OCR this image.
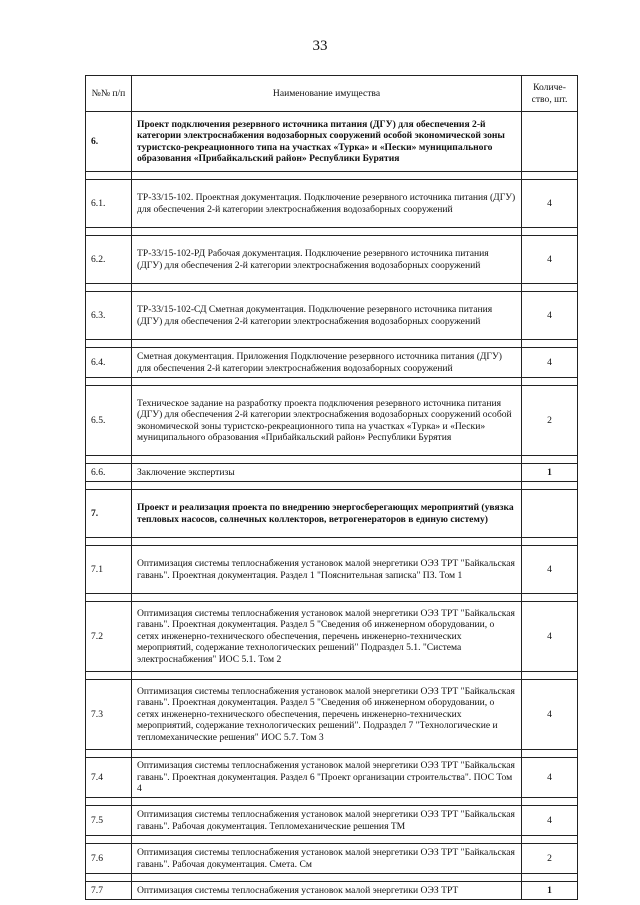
33
№№ п/п	Наименование имущества	Количе- ство, шт.
6.	Проект подключения резервного источника питания (ДГУ) для обеспечения 2-й категории электроснабжения водозаборных сооружений особой экономической зоны туристско-рекреационного типа на участках «Турка» и «Пески» муниципального образования «Прибайкальский район» Республики Бурятия	

6.1.	ТР-33/15-102. Проектная документация. Подключение резервного источника питания (ДГУ) для обеспечения 2-й категории электроснабжения водозаборных сооружений	4

6.2.	ТР-33/15-102-РД Рабочая документация. Подключение резервного источника питания (ДГУ) для обеспечения 2-й категории электроснабжения водозаборных сооружений	4

6.3.	ТР-33/15-102-СД Сметная документация. Подключение резервного источника питания (ДГУ) для обеспечения 2-й категории электроснабжения водозаборных сооружений	4

6.4.	Сметная документация. Приложения Подключение резервного источника питания (ДГУ) для обеспечения 2-й категории электроснабжения водозаборных сооружений	4

6.5.	Техническое задание на разработку проекта подключения резервного источника питания (ДГУ) для обеспечения 2-й категории электроснабжения водозаборных сооружений особой экономической зоны туристско-рекреационного типа на участках «Турка» и «Пески» муниципального образования «Прибайкальский район» Республики Бурятия	2

6.6.	Заключение экспертизы	1

7.	Проект и реализация проекта по внедрению энергосберегающих мероприятий (увязка тепловых насосов, солнечных коллекторов, ветрогенераторов в единую систему)	

7.1	Оптимизация системы теплоснабжения установок малой энергетики ОЭЗ ТРТ "Байкальская гавань". Проектная документация. Раздел 1 "Пояснительная записка" ПЗ. Том 1	4

7.2	Оптимизация системы теплоснабжения установок малой энергетики ОЭЗ ТРТ "Байкальская гавань". Проектная документация. Раздел 5 "Сведения об инженерном оборудовании, о сетях инженерно-технического обеспечения, перечень инженерно-технических мероприятий, содержание технологических решений" Подраздел 5.1. "Система электроснабжения" ИОС 5.1. Том 2	4

7.3	Оптимизация системы теплоснабжения установок малой энергетики ОЭЗ ТРТ "Байкальская гавань". Проектная документация. Раздел 5 "Сведения об инженерном оборудовании, о сетях инженерно-технического обеспечения, перечень инженерно-технических мероприятий, содержание технологических решений". Подраздел 7 "Технологические и тепломеханические решения" ИОС 5.7. Том 3	4

7.4	Оптимизация системы теплоснабжения установок малой энергетики ОЭЗ ТРТ "Байкальская гавань". Проектная документация. Раздел 6 "Проект организации строительства". ПОС Том 4	4

7.5	Оптимизация системы теплоснабжения установок малой энергетики ОЭЗ ТРТ "Байкальская гавань". Рабочая документация. Тепломеханические решения ТМ	4

7.6	Оптимизация системы теплоснабжения установок малой энергетики ОЭЗ ТРТ "Байкальская гавань". Рабочая документация. Смета. См	2

7.7	Оптимизация системы теплоснабжения установок малой энергетики ОЭЗ ТРТ	1
